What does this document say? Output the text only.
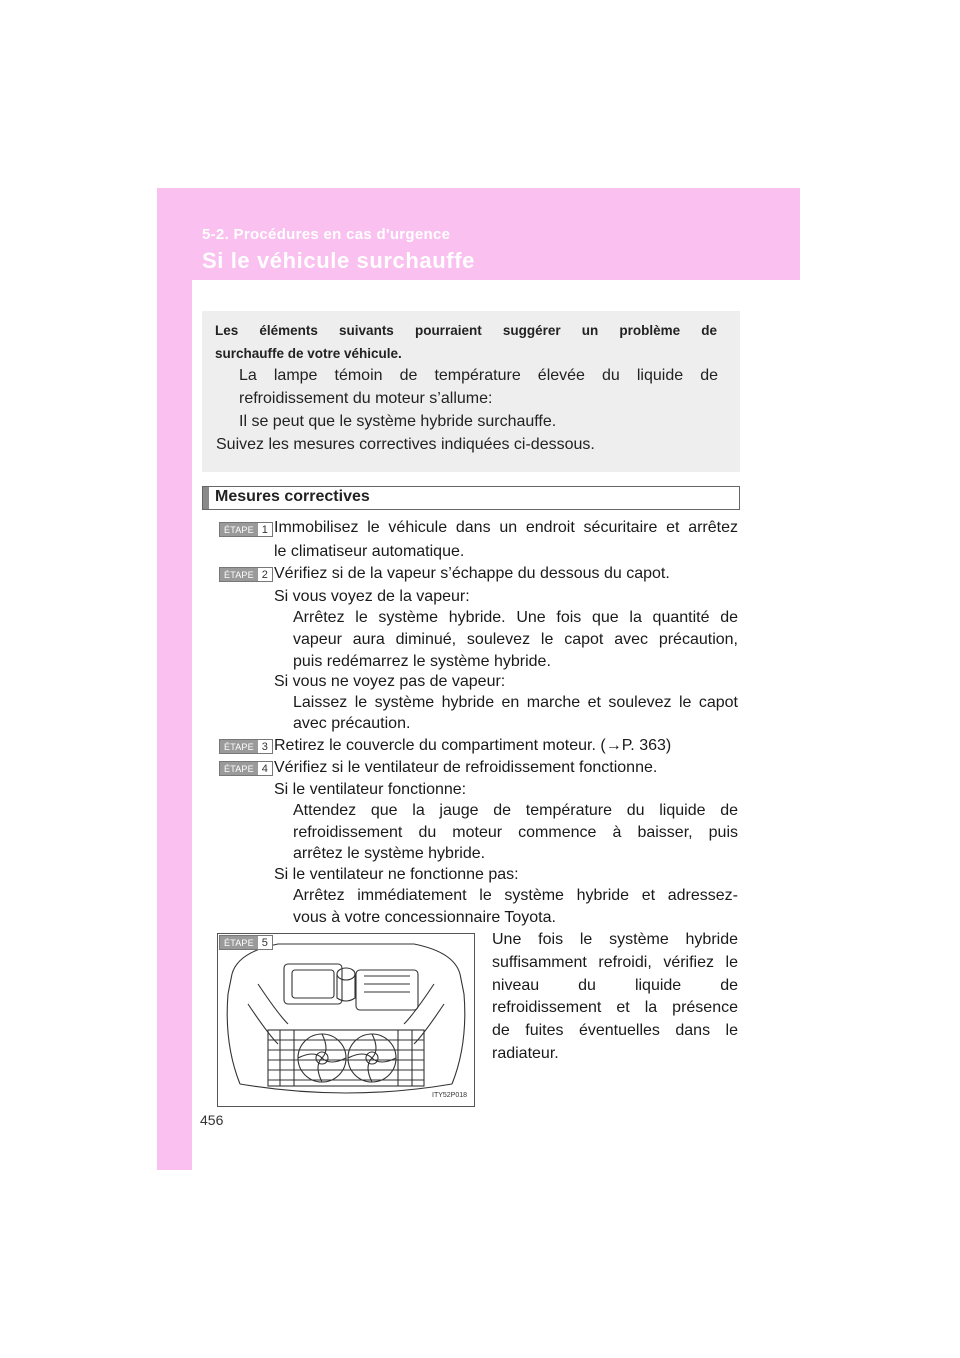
5-2. Procédures en cas d'urgence
Si le véhicule surchauffe
Les éléments suivants pourraient suggérer un problème de
surchauffe de votre véhicule.
La lampe témoin de température élevée du liquide de
refroidissement du moteur s’allume:
Il se peut que le système hybride surchauffe.
Suivez les mesures correctives indiquées ci-dessous.
Mesures correctives
ÉTAPE 1 Immobilisez le véhicule dans un endroit sécuritaire et arrêtez
le climatiseur automatique.
ÉTAPE 2 Vérifiez si de la vapeur s’échappe du dessous du capot.
Si vous voyez de la vapeur:
Arrêtez le système hybride. Une fois que la quantité de
vapeur aura diminué, soulevez le capot avec précaution,
puis redémarrez le système hybride.
Si vous ne voyez pas de vapeur:
Laissez le système hybride en marche et soulevez le capot
avec précaution.
ÉTAPE 3 Retirez le couvercle du compartiment moteur. (→P. 363)
ÉTAPE 4 Vérifiez si le ventilateur de refroidissement fonctionne.
Si le ventilateur fonctionne:
Attendez que la jauge de température du liquide de
refroidissement du moteur commence à baisser, puis
arrêtez le système hybride.
Si le ventilateur ne fonctionne pas:
Arrêtez immédiatement le système hybride et adressez-
vous à votre concessionnaire Toyota.
ÉTAPE 5
ITY52P018
Une fois le système hybride
suffisamment refroidi, vérifiez le
niveau du liquide de
refroidissement et la présence
de fuites éventuelles dans le
radiateur.
456
